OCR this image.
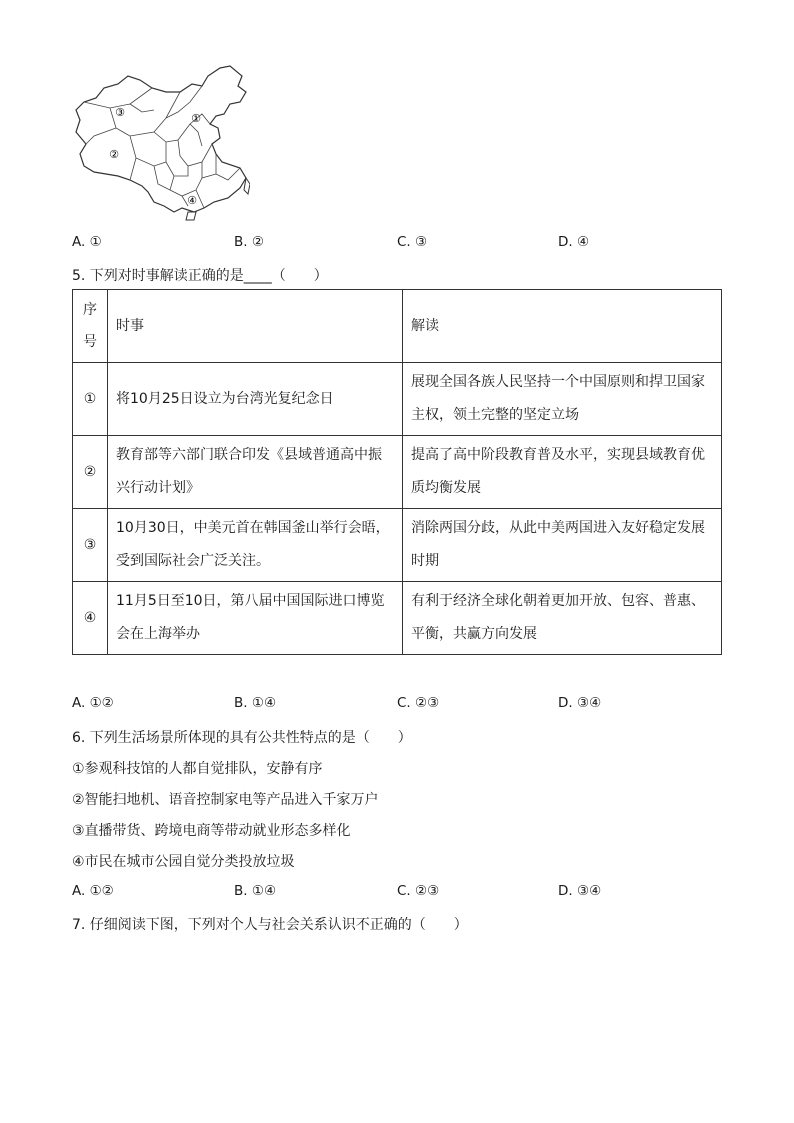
③	①
②
④
A. ①	B. ②	C. ③	D. ④
5. 下列对时事解读正确的是____（　　）
序
号	时事	解读
①	将10月25日设立为台湾光复纪念日	展现全国各族人民坚持一个中国原则和捍卫国家主权，领土完整的坚定立场
②	教育部等六部门联合印发《县域普通高中振兴行动计划》	提高了高中阶段教育普及水平，实现县域教育优质均衡发展
③	10月30日，中美元首在韩国釜山举行会晤，受到国际社会广泛关注。	消除两国分歧，从此中美两国进入友好稳定发展时期
④	11月5日至10日，第八届中国国际进口博览会在上海举办	有利于经济全球化朝着更加开放、包容、普惠、平衡，共赢方向发展
A. ①②	B. ①④	C. ②③	D. ③④
6. 下列生活场景所体现的具有公共性特点的是（　　）
①参观科技馆的人都自觉排队，安静有序
②智能扫地机、语音控制家电等产品进入千家万户
③直播带货、跨境电商等带动就业形态多样化
④市民在城市公园自觉分类投放垃圾
A. ①②	B. ①④	C. ②③	D. ③④
7. 仔细阅读下图，下列对个人与社会关系认识不正确的（　　）
